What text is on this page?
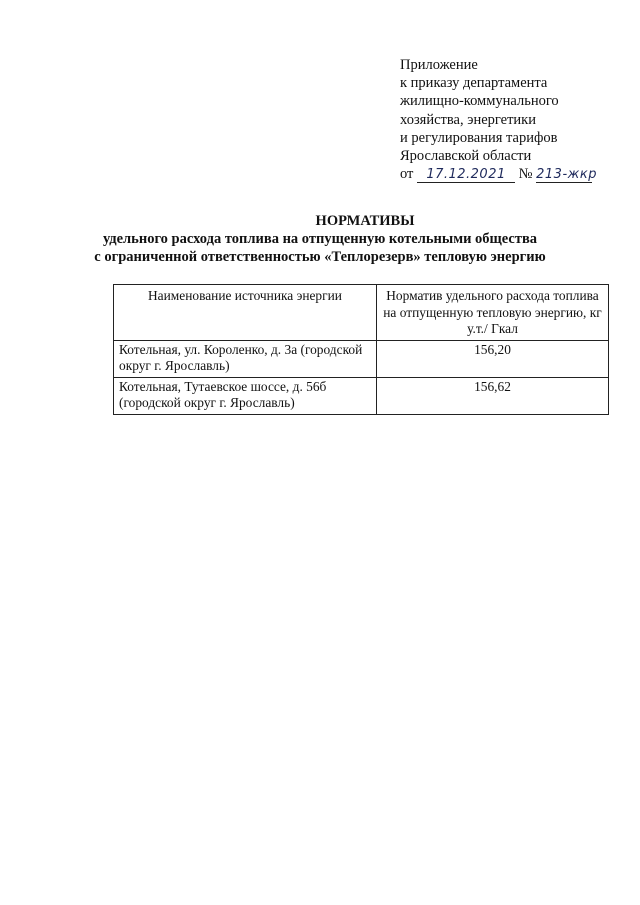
Приложение
к приказу департамента
жилищно-коммунального
хозяйства, энергетики
и регулирования тарифов
Ярославской области
от 17.12.2021 № 213-жкр
НОРМАТИВЫ
удельного расхода топлива на отпущенную котельными общества
с ограниченной ответственностью «Теплорезерв» тепловую энергию
Наименование источника энергии	Норматив удельного расхода топлива на отпущенную тепловую энергию, кг у.т./ Гкал
Котельная, ул. Короленко, д. 3а (городской округ г. Ярославль)	156,20
Котельная, Тутаевское шоссе, д. 56б (городской округ г. Ярославль)	156,62
